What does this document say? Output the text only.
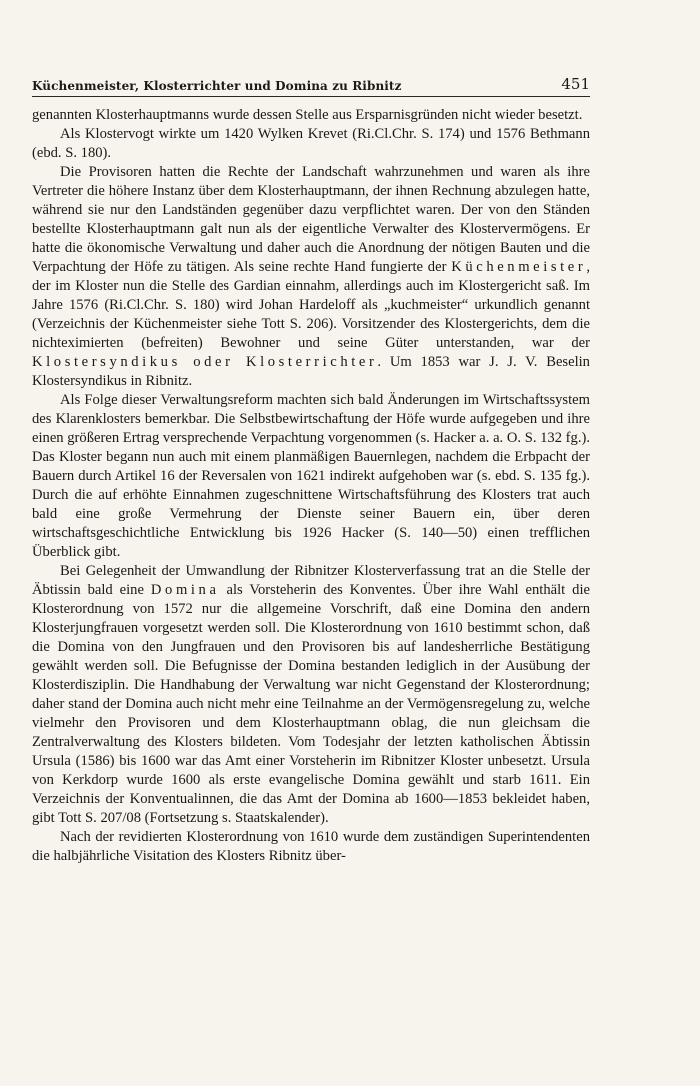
Küchenmeister, Klosterrichter und Domina zu Ribnitz	451

genannten Klosterhauptmanns wurde dessen Stelle aus Ersparnisgründen nicht wieder besetzt.

Als Klostervogt wirkte um 1420 Wylken Krevet (Ri.Cl.Chr. S. 174) und 1576 Bethmann (ebd. S. 180).

Die Provisoren hatten die Rechte der Landschaft wahrzunehmen und waren als ihre Vertreter die höhere Instanz über dem Klosterhauptmann, der ihnen Rechnung abzulegen hatte, während sie nur den Landständen gegenüber dazu verpflichtet waren. Der von den Ständen bestellte Klosterhauptmann galt nun als der eigentliche Verwalter des Klostervermögens. Er hatte die ökonomische Verwaltung und daher auch die Anordnung der nötigen Bauten und die Verpachtung der Höfe zu tätigen. Als seine rechte Hand fungierte der Küchenmeister, der im Kloster nun die Stelle des Gardian einnahm, allerdings auch im Klostergericht saß. Im Jahre 1576 (Ri.Cl.Chr. S. 180) wird Johan Hardeloff als „kuchmeister“ urkundlich genannt (Verzeichnis der Küchenmeister siehe Tott S. 206). Vorsitzender des Klostergerichts, dem die nichteximierten (befreiten) Bewohner und seine Güter unterstanden, war der Klostersyndikus oder Klosterrichter. Um 1853 war J. J. V. Beselin Klostersyndikus in Ribnitz.

Als Folge dieser Verwaltungsreform machten sich bald Änderungen im Wirtschaftssystem des Klarenklosters bemerkbar. Die Selbstbewirtschaftung der Höfe wurde aufgegeben und ihre einen größeren Ertrag versprechende Verpachtung vorgenommen (s. Hacker a. a. O. S. 132 fg.). Das Kloster begann nun auch mit einem planmäßigen Bauernlegen, nachdem die Erbpacht der Bauern durch Artikel 16 der Reversalen von 1621 indirekt aufgehoben war (s. ebd. S. 135 fg.). Durch die auf erhöhte Einnahmen zugeschnittene Wirtschaftsführung des Klosters trat auch bald eine große Vermehrung der Dienste seiner Bauern ein, über deren wirtschaftsgeschichtliche Entwicklung bis 1926 Hacker (S. 140—50) einen trefflichen Überblick gibt.

Bei Gelegenheit der Umwandlung der Ribnitzer Klosterverfassung trat an die Stelle der Äbtissin bald eine Domina als Vorsteherin des Konventes. Über ihre Wahl enthält die Klosterordnung von 1572 nur die allgemeine Vorschrift, daß eine Domina den andern Klosterjungfrauen vorgesetzt werden soll. Die Klosterordnung von 1610 bestimmt schon, daß die Domina von den Jungfrauen und den Provisoren bis auf landesherrliche Bestätigung gewählt werden soll. Die Befugnisse der Domina bestanden lediglich in der Ausübung der Klosterdisziplin. Die Handhabung der Verwaltung war nicht Gegenstand der Klosterordnung; daher stand der Domina auch nicht mehr eine Teilnahme an der Vermögensregelung zu, welche vielmehr den Provisoren und dem Klosterhauptmann oblag, die nun gleichsam die Zentralverwaltung des Klosters bildeten. Vom Todesjahr der letzten katholischen Äbtissin Ursula (1586) bis 1600 war das Amt einer Vorsteherin im Ribnitzer Kloster unbesetzt. Ursula von Kerkdorp wurde 1600 als erste evangelische Domina gewählt und starb 1611. Ein Verzeichnis der Konventualinnen, die das Amt der Domina ab 1600—1853 bekleidet haben, gibt Tott S. 207/08 (Fortsetzung s. Staatskalender).

Nach der revidierten Klosterordnung von 1610 wurde dem zuständigen Superintendenten die halbjährliche Visitation des Klosters Ribnitz über-
